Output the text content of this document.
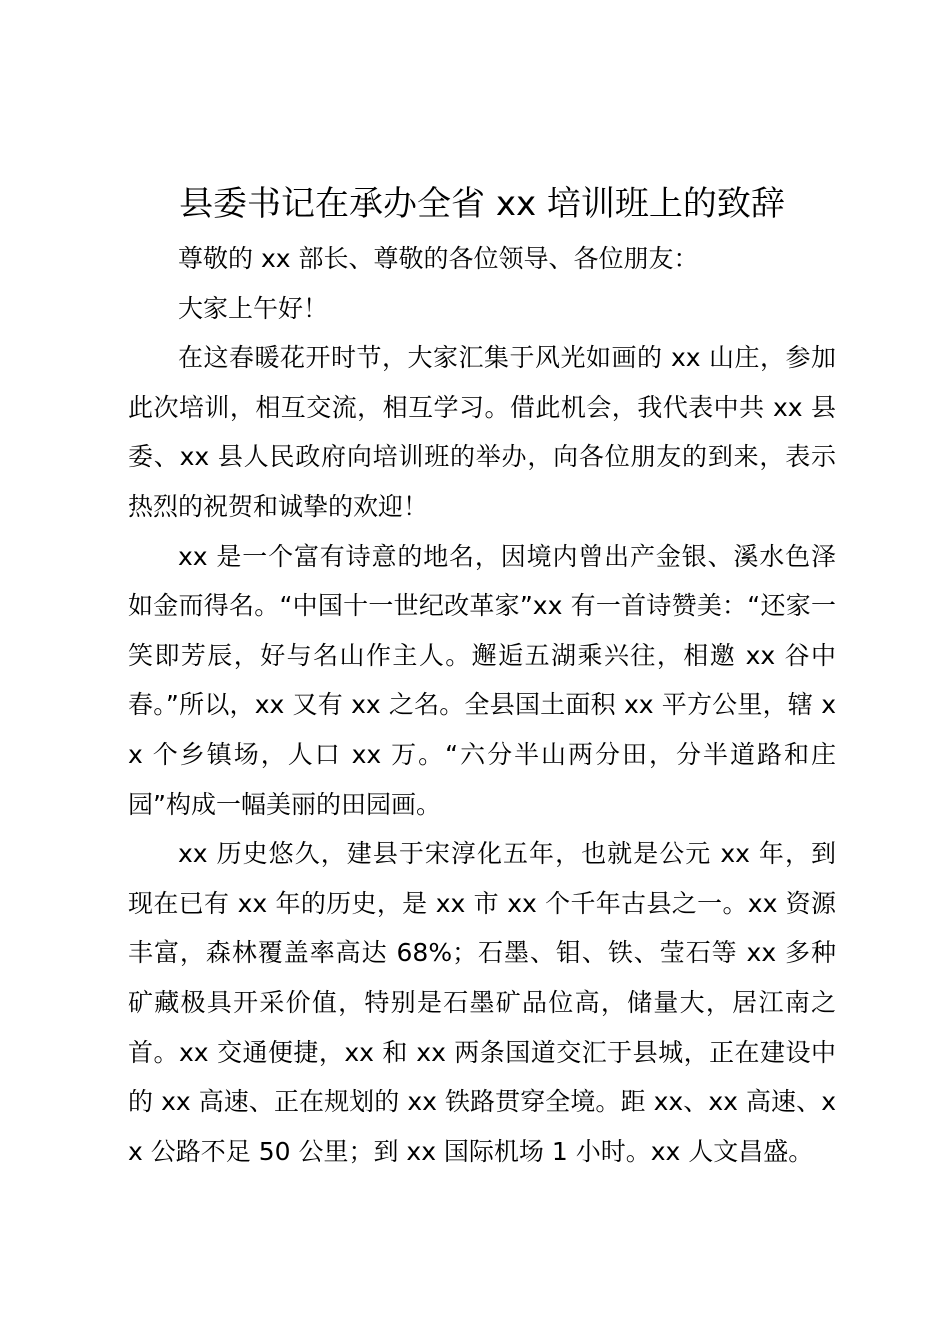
县委书记在承办全省 xx 培训班上的致辞

尊敬的 xx 部长、尊敬的各位领导、各位朋友：

大家上午好！

在这春暖花开时节，大家汇集于风光如画的 xx 山庄，参加此次培训，相互交流，相互学习。借此机会，我代表中共 xx 县委、xx 县人民政府向培训班的举办，向各位朋友的到来，表示热烈的祝贺和诚挚的欢迎！

xx 是一个富有诗意的地名，因境内曾出产金银、溪水色泽如金而得名。“中国十一世纪改革家”xx 有一首诗赞美：“还家一笑即芳辰，好与名山作主人。邂逅五湖乘兴往，相邀 xx 谷中春。”所以，xx 又有 xx 之名。全县国土面积 xx 平方公里，辖 xx 个乡镇场，人口 xx 万。“六分半山两分田，分半道路和庄园”构成一幅美丽的田园画。

xx 历史悠久，建县于宋淳化五年，也就是公元 xx 年，到现在已有 xx 年的历史，是 xx 市 xx 个千年古县之一。xx 资源丰富，森林覆盖率高达 68%；石墨、钼、铁、莹石等 xx 多种矿藏极具开采价值，特别是石墨矿品位高，储量大，居江南之首。xx 交通便捷，xx 和 xx 两条国道交汇于县城，正在建设中的 xx 高速、正在规划的 xx 铁路贯穿全境。距 xx、xx 高速、xx 公路不足 50 公里；到 xx 国际机场 1 小时。xx 人文昌盛。
